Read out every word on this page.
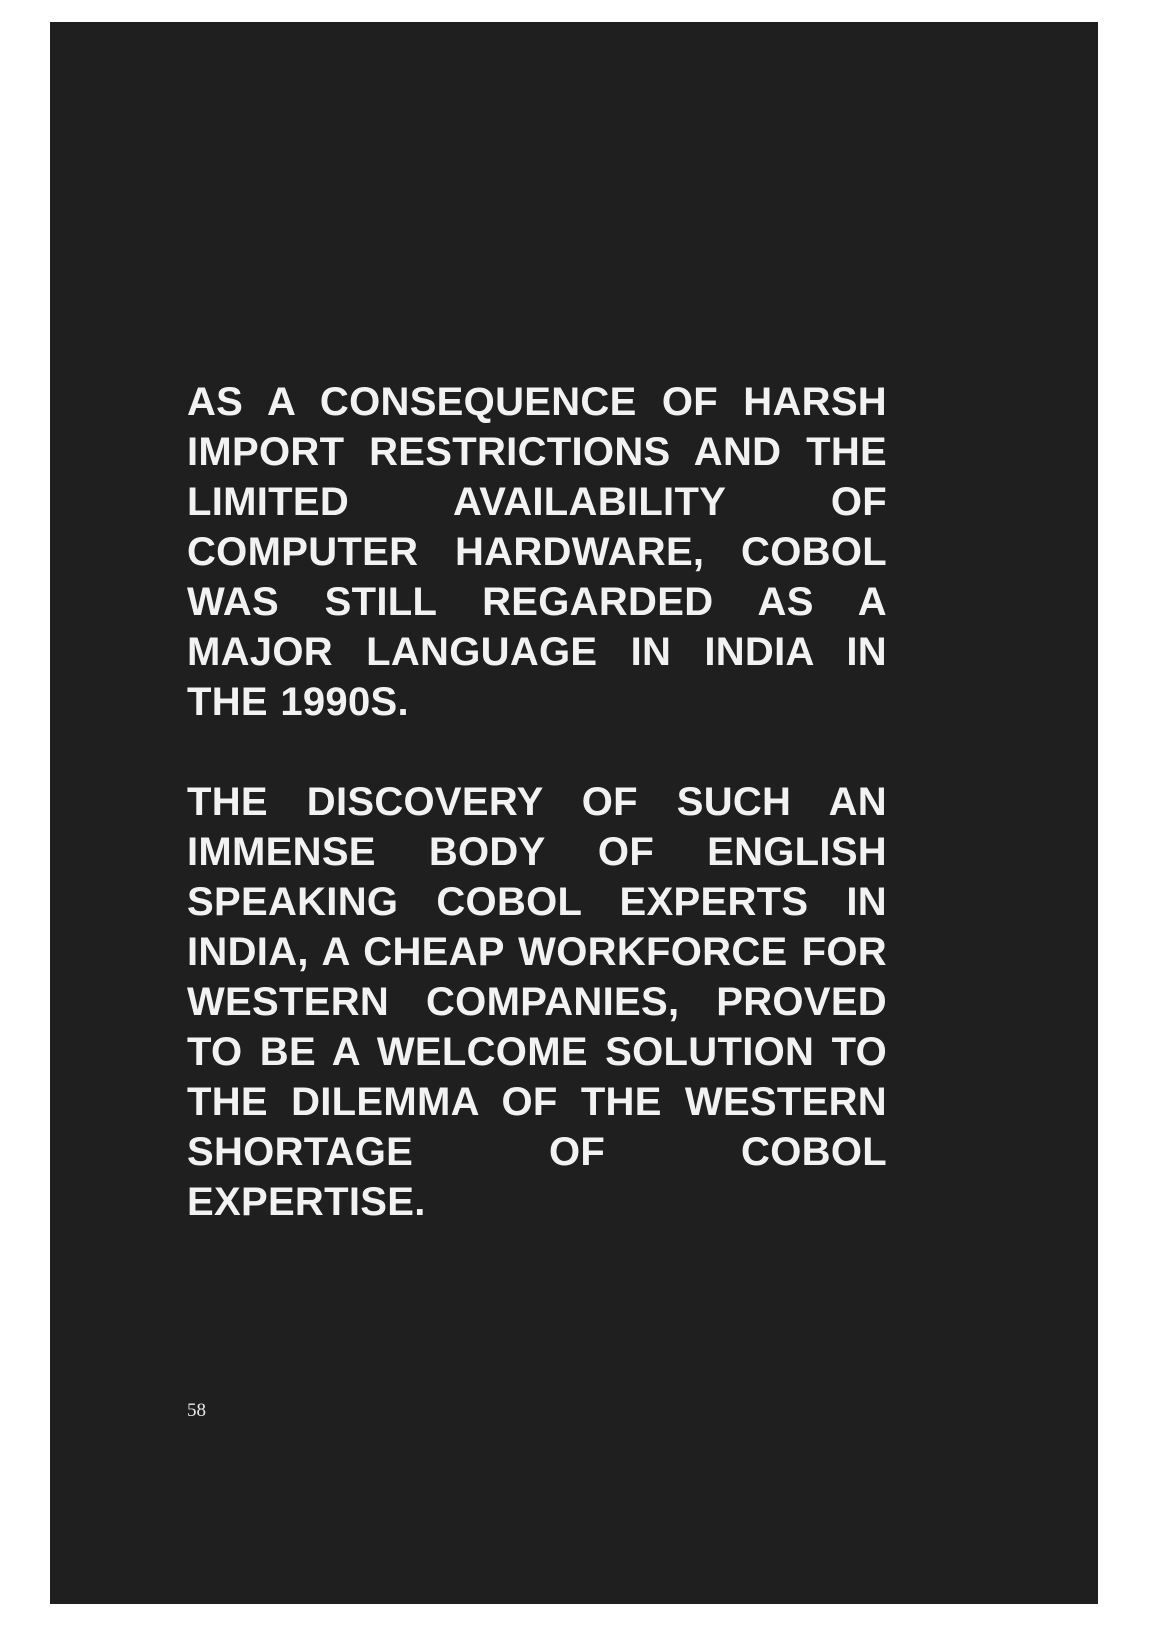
AS A CONSEQUENCE OF HARSH IMPORT RESTRICTIONS AND THE LIMITED AVAILABILITY OF COMPUTER HARDWARE, COBOL WAS STILL REGARDED AS A MAJOR LANGUAGE IN INDIA IN THE 1990S.

THE DISCOVERY OF SUCH AN IMMENSE BODY OF ENGLISH SPEAKING COBOL EXPERTS IN INDIA, A CHEAP WORKFORCE FOR WESTERN COMPANIES, PROVED TO BE A WELCOME SOLUTION TO THE DILEMMA OF THE WESTERN SHORTAGE OF COBOL EXPERTISE.

58
